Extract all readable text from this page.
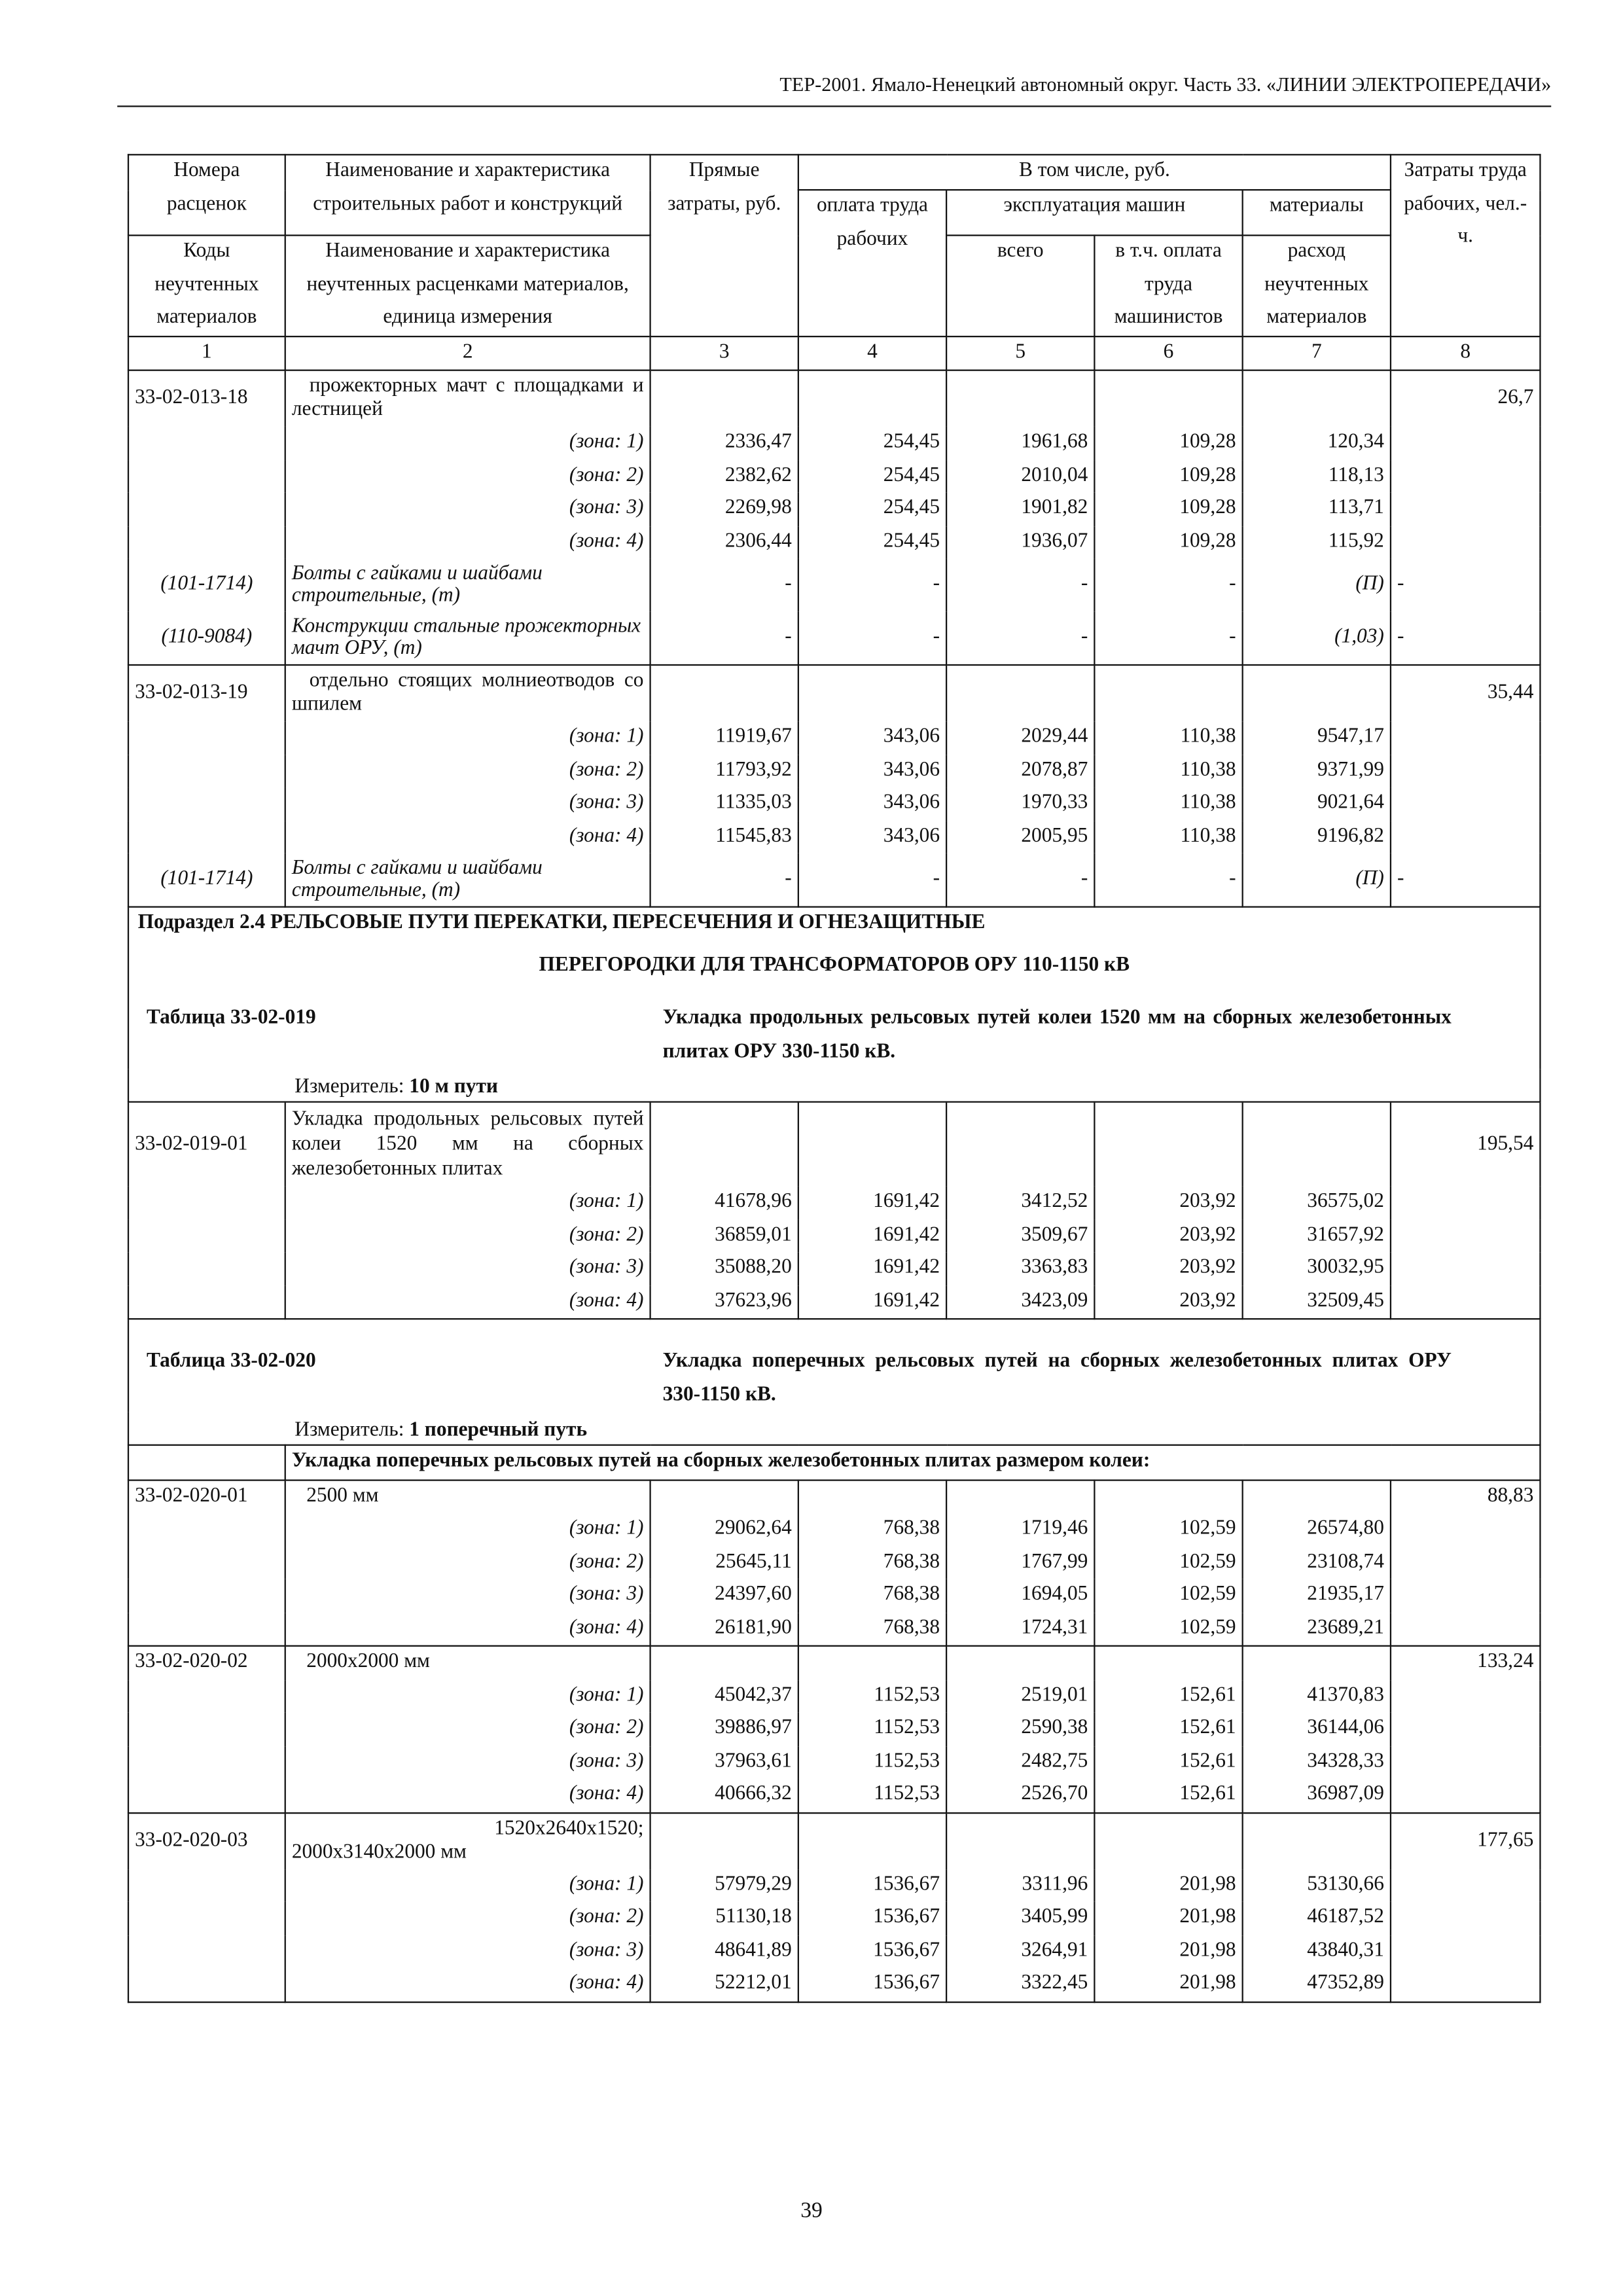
ТЕР-2001. Ямало-Ненецкий автономный округ. Часть 33. «ЛИНИИ ЭЛЕКТРОПЕРЕДАЧИ»
Номера расценок	Наименование и характеристика строительных работ и конструкций	Прямые затраты, руб.	В том числе, руб.				Затраты труда рабочих, чел.-ч.
			оплата труда рабочих	эксплуатация машин		материалы	
Коды неучтенных материалов	Наименование и характеристика неучтенных расценками материалов, единица измерения			всего	в т.ч. оплата труда машинистов	расход неучтенных материалов	
1	2	3	4	5	6	7	8
33-02-013-18	прожекторных мачт с площадками и лестницей						26,7
	(зона: 1)	2336,47	254,45	1961,68	109,28	120,34	
	(зона: 2)	2382,62	254,45	2010,04	109,28	118,13	
	(зона: 3)	2269,98	254,45	1901,82	109,28	113,71	
	(зона: 4)	2306,44	254,45	1936,07	109,28	115,92	
(101-1714)	Болты с гайками и шайбами строительные, (т)	-	-	-	-	(П)	-
(110-9084)	Конструкции стальные прожекторных мачт ОРУ, (т)	-	-	-	-	(1,03)	-
33-02-013-19	отдельно стоящих молниеотводов со шпилем						35,44
	(зона: 1)	11919,67	343,06	2029,44	110,38	9547,17	
	(зона: 2)	11793,92	343,06	2078,87	110,38	9371,99	
	(зона: 3)	11335,03	343,06	1970,33	110,38	9021,64	
	(зона: 4)	11545,83	343,06	2005,95	110,38	9196,82	
(101-1714)	Болты с гайками и шайбами строительные, (т)	-	-	-	-	(П)	-

Подраздел 2.4 РЕЛЬСОВЫЕ ПУТИ ПЕРЕКАТКИ, ПЕРЕСЕЧЕНИЯ И ОГНЕЗАЩИТНЫЕ
ПЕРЕГОРОДКИ ДЛЯ ТРАНСФОРМАТОРОВ ОРУ 110-1150 кВ							

Таблица 33-02-019 Укладка продольных рельсовых путей колеи 1520 мм на сборных железобетонных плитах ОРУ 330-1150 кВ.							

Измеритель: 10 м пути							
33-02-019-01	Укладка продольных рельсовых путей колеи 1520 мм на сборных железобетонных плитах						195,54
	(зона: 1)	41678,96	1691,42	3412,52	203,92	36575,02	
	(зона: 2)	36859,01	1691,42	3509,67	203,92	31657,92	
	(зона: 3)	35088,20	1691,42	3363,83	203,92	30032,95	
	(зона: 4)	37623,96	1691,42	3423,09	203,92	32509,45	

Таблица 33-02-020 Укладка поперечных рельсовых путей на сборных железобетонных плитах ОРУ 330-1150 кВ.							

Измеритель: 1 поперечный путь							
	Укладка поперечных рельсовых путей на сборных железобетонных плитах размером колеи:						
33-02-020-01	2500 мм						88,83
	(зона: 1)	29062,64	768,38	1719,46	102,59	26574,80	
	(зона: 2)	25645,11	768,38	1767,99	102,59	23108,74	
	(зона: 3)	24397,60	768,38	1694,05	102,59	21935,17	
	(зона: 4)	26181,90	768,38	1724,31	102,59	23689,21	
33-02-020-02	2000х2000 мм						133,24
	(зона: 1)	45042,37	1152,53	2519,01	152,61	41370,83	
	(зона: 2)	39886,97	1152,53	2590,38	152,61	36144,06	
	(зона: 3)	37963,61	1152,53	2482,75	152,61	34328,33	
	(зона: 4)	40666,32	1152,53	2526,70	152,61	36987,09	
33-02-020-03	1520х2640х1520;
2000х3140х2000 мм						177,65
	(зона: 1)	57979,29	1536,67	3311,96	201,98	53130,66	
	(зона: 2)	51130,18	1536,67	3405,99	201,98	46187,52	
	(зона: 3)	48641,89	1536,67	3264,91	201,98	43840,31	
	(зона: 4)	52212,01	1536,67	3322,45	201,98	47352,89	
39
